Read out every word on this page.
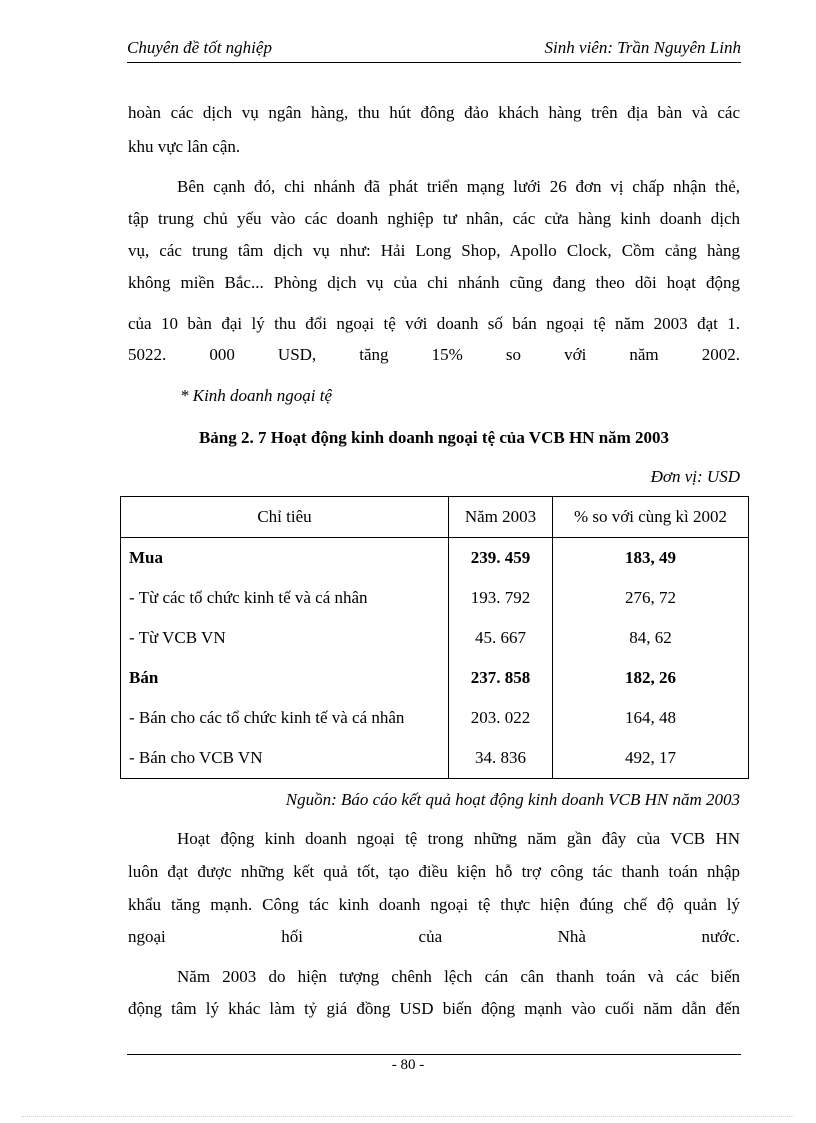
Chuyên đề tốt nghiệp	Sinh viên: Trần Nguyên Linh
hoàn các dịch vụ ngân hàng, thu hút đông đảo khách hàng trên địa bàn và các
khu vực lân cận.
Bên cạnh đó, chi nhánh đã phát triển mạng lưới 26 đơn vị chấp nhận thẻ,
tập trung chủ yếu vào các doanh nghiệp tư nhân, các cửa hàng kinh doanh dịch
vụ, các trung tâm dịch vụ như: Hải Long Shop, Apollo Clock, Cồm cảng hàng
không miền Bắc... Phòng dịch vụ của chi nhánh cũng đang theo dõi hoạt động
của 10 bàn đại lý thu đổi ngoại tệ với doanh số bán ngoại tệ năm 2003 đạt 1.
5022. 000 USD, tăng 15% so với năm 2002.
* Kinh doanh ngoại tệ
Bảng 2. 7 Hoạt động kinh doanh ngoại tệ của VCB HN năm 2003
Đơn vị: USD
Chỉ tiêu	Năm 2003	% so với cùng kì 2002
Mua	239. 459	183, 49
- Từ các tổ chức kinh tế và cá nhân	193. 792	276, 72
- Từ VCB VN	45. 667	84, 62
Bán	237. 858	182, 26
- Bán cho các tổ chức kinh tế và cá nhân	203. 022	164, 48
- Bán cho VCB VN	34. 836	492, 17
Nguồn: Báo cáo kết quả hoạt động kinh doanh VCB HN năm 2003
Hoạt động kinh doanh ngoại tệ trong những năm gần đây của VCB HN
luôn đạt được những kết quả tốt, tạo điều kiện hỗ trợ công tác thanh toán nhập
khẩu tăng mạnh. Công tác kinh doanh ngoại tệ thực hiện đúng chế độ quản lý
ngoại hối của Nhà nước.
Năm 2003 do hiện tượng chênh lệch cán cân thanh toán và các biến
động tâm lý khác làm tỷ giá đồng USD biến động mạnh vào cuối năm dẫn đến
- 80 -
